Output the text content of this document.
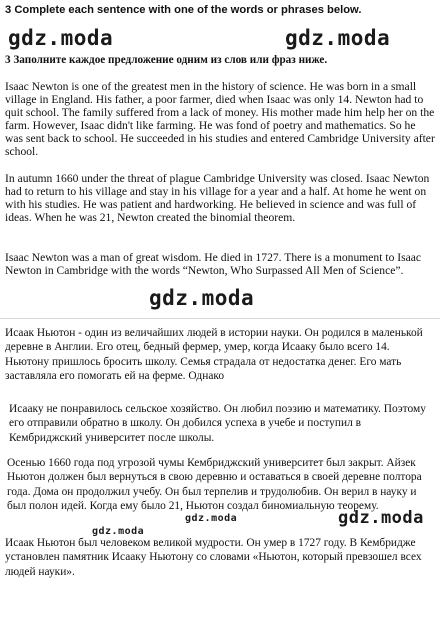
3 Complete each sentence with one of the words or phrases below.
gdz.moda	gdz.moda
3 Заполните каждое предложение одним из слов или фраз ниже.

Isaac Newton is one of the greatest men in the history of science. He was born in a small village in England. His father, a poor farmer, died when Isaac was only 14. Newton had to quit school. The family suffered from a lack of money. His mother made him help her on the farm. However, Isaac didn't like farming. He was fond of poetry and mathematics. So he was sent back to school. He succeeded in his studies and entered Cambridge University after school.

In autumn 1660 under the threat of plague Cambridge University was closed. Isaac Newton had to return to his village and stay in his village for a year and a half. At home he went on with his studies. He was patient and hardworking. He believed in science and was full of ideas. When he was 21, Newton created the binomial theorem.

Isaac Newton was a man of great wisdom. He died in 1727. There is a monument to Isaac Newton in Cambridge with the words “Newton, Who Surpassed All Men of Science”.

gdz.moda

Исаак Ньютон - один из величайших людей в истории науки. Он родился в маленькой деревне в Англии. Его отец, бедный фермер, умер, когда Исааку было всего 14. Ньютону пришлось бросить школу. Семья страдала от недостатка денег. Его мать заставляла его помогать ей на ферме. Однако

Исааку не понравилось сельское хозяйство. Он любил поэзию и математику. Поэтому его отправили обратно в школу. Он добился успеха в учебе и поступил в Кембриджский университет после школы.

Осенью 1660 года под угрозой чумы Кембриджский университет был закрыт. Айзек Ньютон должен был вернуться в свою деревню и оставаться в своей деревне полтора года. Дома он продолжил учебу. Он был терпелив и трудолюбив. Он верил в науку и был полон идей. Когда ему было 21, Ньютон создал биномиальную теорему.

gdz.moda
gdz.moda	gdz.moda

Исаак Ньютон был человеком великой мудрости. Он умер в 1727 году. В Кембридже установлен памятник Исааку Ньютону со словами «Ньютон, который превзошел всех людей науки».
